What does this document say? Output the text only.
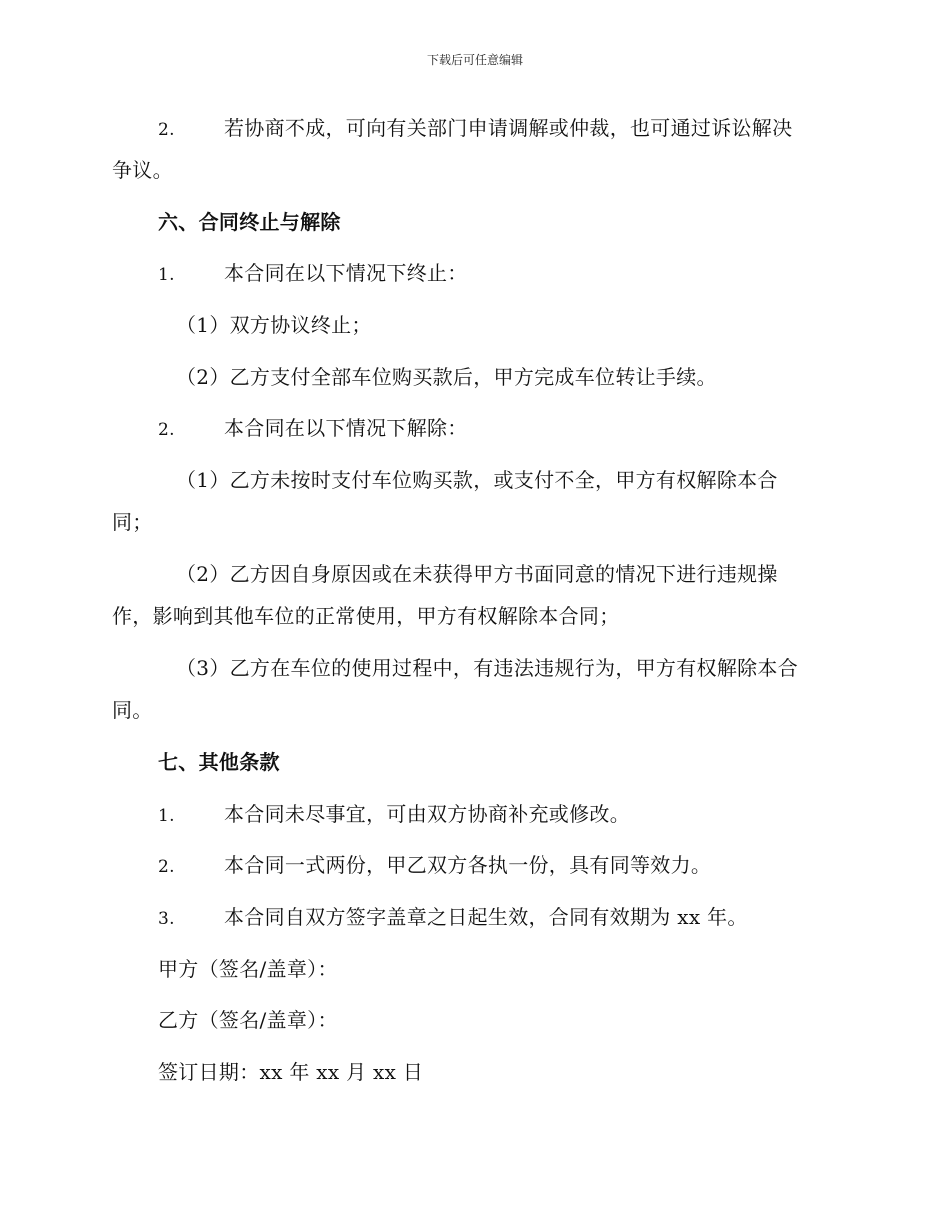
下载后可任意编辑
2. 若协商不成，可向有关部门申请调解或仲裁，也可通过诉讼解决
争议。
六、合同终止与解除
1. 本合同在以下情况下终止：
（1）双方协议终止；
（2）乙方支付全部车位购买款后，甲方完成车位转让手续。
2. 本合同在以下情况下解除：
（1）乙方未按时支付车位购买款，或支付不全，甲方有权解除本合
同；
（2）乙方因自身原因或在未获得甲方书面同意的情况下进行违规操
作，影响到其他车位的正常使用，甲方有权解除本合同；
（3）乙方在车位的使用过程中，有违法违规行为，甲方有权解除本合
同。
七、其他条款
1. 本合同未尽事宜，可由双方协商补充或修改。
2. 本合同一式两份，甲乙双方各执一份，具有同等效力。
3. 本合同自双方签字盖章之日起生效，合同有效期为 xx 年。
甲方（签名/盖章）：
乙方（签名/盖章）：
签订日期：xx 年 xx 月 xx 日
